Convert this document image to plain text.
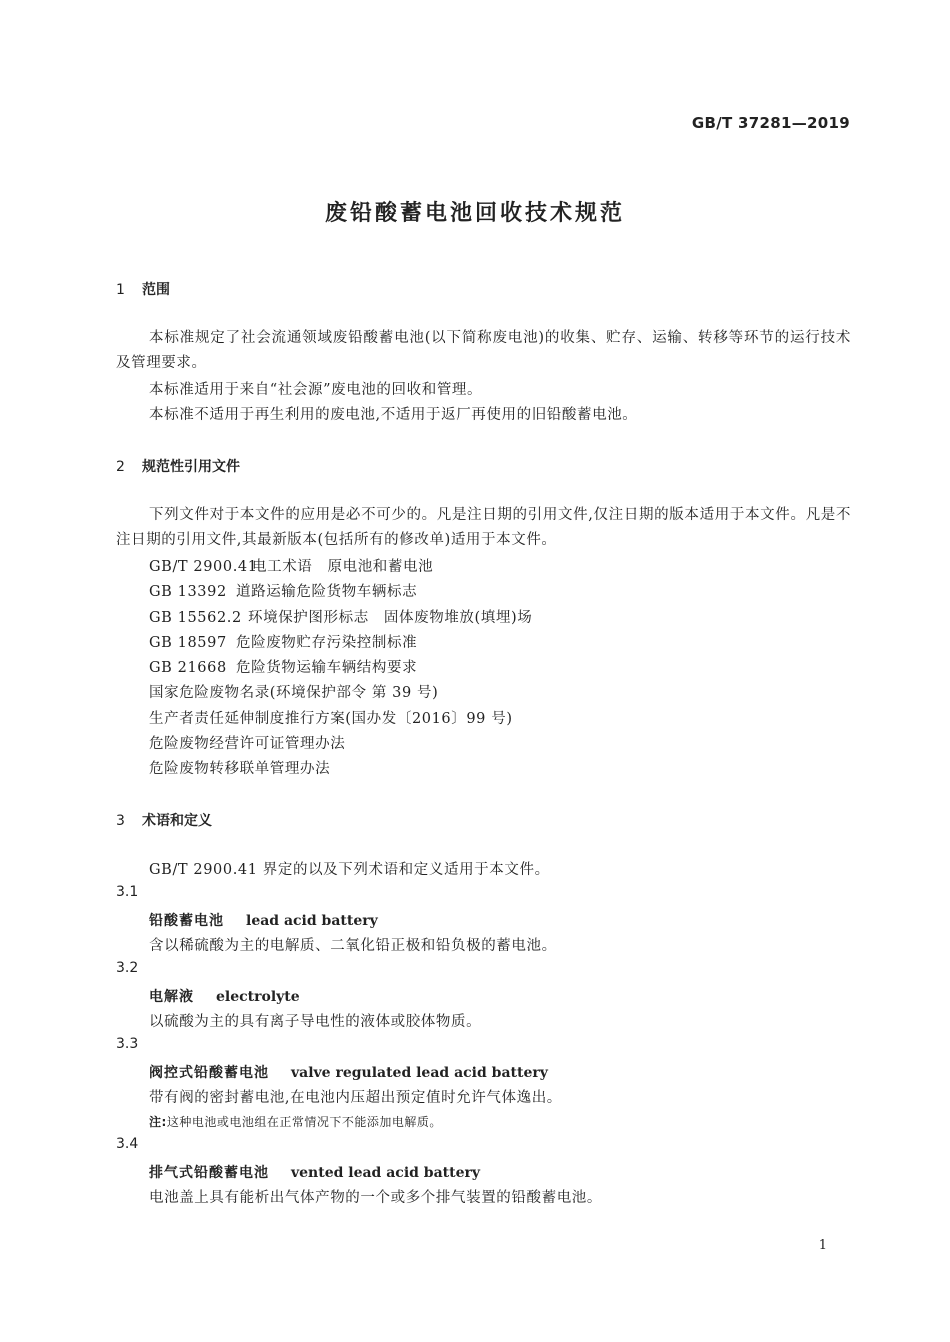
GB/T 37281—2019
废铅酸蓄电池回收技术规范
1 范围
本标准规定了社会流通领域废铅酸蓄电池(以下简称废电池)的收集、贮存、运输、转移等环节的运行技术及管理要求。
本标准适用于来自“社会源”废电池的回收和管理。
本标准不适用于再生利用的废电池,不适用于返厂再使用的旧铅酸蓄电池。
2 规范性引用文件
下列文件对于本文件的应用是必不可少的。凡是注日期的引用文件,仅注日期的版本适用于本文件。凡是不注日期的引用文件,其最新版本(包括所有的修改单)适用于本文件。
GB/T 2900.41电工术语　原电池和蓄电池
GB 13392 道路运输危险货物车辆标志
GB 15562.2 环境保护图形标志　固体废物堆放(填埋)场
GB 18597 危险废物贮存污染控制标准
GB 21668 危险货物运输车辆结构要求
国家危险废物名录(环境保护部令 第 39 号)
生产者责任延伸制度推行方案(国办发〔2016〕99 号)
危险废物经营许可证管理办法
危险废物转移联单管理办法
3 术语和定义
GB/T 2900.41 界定的以及下列术语和定义适用于本文件。
3.1
铅酸蓄电池 lead acid battery
含以稀硫酸为主的电解质、二氧化铅正极和铅负极的蓄电池。
3.2
电解液 electrolyte
以硫酸为主的具有离子导电性的液体或胶体物质。
3.3
阀控式铅酸蓄电池 valve regulated lead acid battery
带有阀的密封蓄电池,在电池内压超出预定值时允许气体逸出。
注:这种电池或电池组在正常情况下不能添加电解质。
3.4
排气式铅酸蓄电池 vented lead acid battery
电池盖上具有能析出气体产物的一个或多个排气装置的铅酸蓄电池。
1
